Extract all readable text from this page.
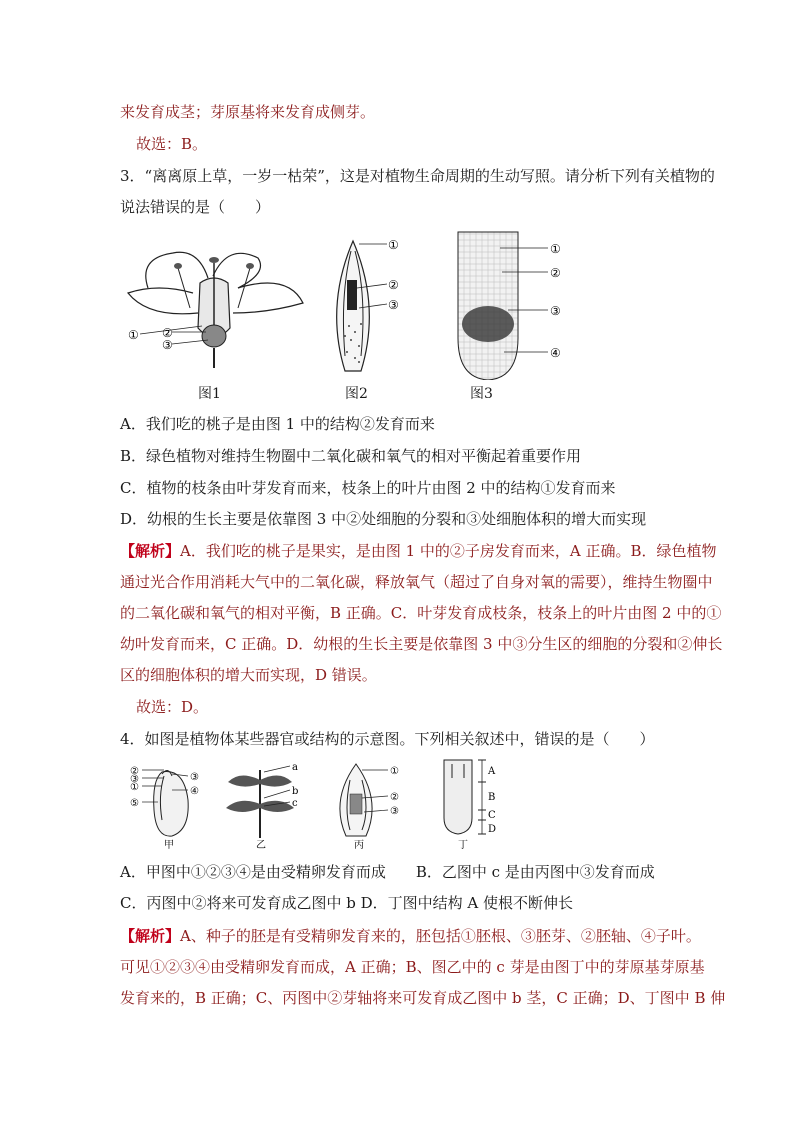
来发育成茎；芽原基将来发育成侧芽。
故选：B。
3．“离离原上草，一岁一枯荣”，这是对植物生命周期的生动写照。请分析下列有关植物的
说法错误的是（　　）
① ②
③
图1
①
②
③
图2
①
②
③
④
图3
A．我们吃的桃子是由图 1 中的结构②发育而来
B．绿色植物对维持生物圈中二氧化碳和氧气的相对平衡起着重要作用
C．植物的枝条由叶芽发育而来，枝条上的叶片由图 2 中的结构①发育而来
D．幼根的生长主要是依靠图 3 中②处细胞的分裂和③处细胞体积的增大而实现
【解析】A．我们吃的桃子是果实，是由图 1 中的②子房发育而来，A 正确。B．绿色植物
通过光合作用消耗大气中的二氧化碳，释放氧气（超过了自身对氧的需要），维持生物圈中
的二氧化碳和氧气的相对平衡，B 正确。C．叶芽发育成枝条，枝条上的叶片由图 2 中的①
幼叶发育而来，C 正确。D．幼根的生长主要是依靠图 3 中③分生区的细胞的分裂和②伸长
区的细胞体积的增大而实现，D 错误。
故选：D。
4．如图是植物体某些器官或结构的示意图。下列相关叙述中，错误的是（　　）
②
③	③
①	④
⑤
甲
a
b
c
乙
①
②
③
丙
A
B
C
D
丁
A．甲图中①②③④是由受精卵发育而成　　B．乙图中 c 是由丙图中③发育而成
C．丙图中②将来可发育成乙图中 b D．丁图中结构 A 使根不断伸长
【解析】A、种子的胚是有受精卵发育来的，胚包括①胚根、③胚芽、②胚轴、④子叶。
可见①②③④由受精卵发育而成，A 正确；B、图乙中的 c 芽是由图丁中的芽原基芽原基
发育来的，B 正确；C、丙图中②芽轴将来可发育成乙图中 b 茎，C 正确；D、丁图中 B 伸
